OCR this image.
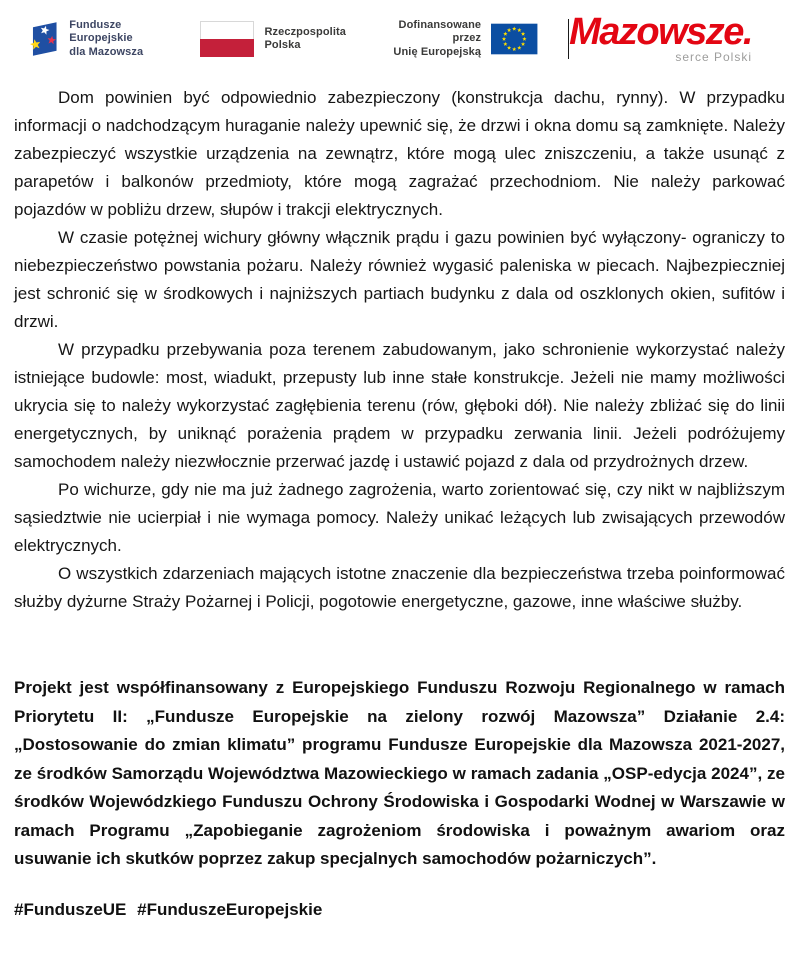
Fundusze Europejskie
dla Mazowsza
Rzeczpospolita
Polska
Dofinansowane przez
Unię Europejską Mazowsze.
serce Polski

Dom powinien być odpowiednio zabezpieczony (konstrukcja dachu, rynny). W przypadku informacji o nadchodzącym huraganie należy upewnić się, że drzwi i okna domu są zamknięte. Należy zabezpieczyć wszystkie urządzenia na zewnątrz, które mogą ulec zniszczeniu, a także usunąć z parapetów i balkonów przedmioty, które mogą zagrażać przechodniom. Nie należy parkować pojazdów w pobliżu drzew, słupów i trakcji elektrycznych.

W czasie potężnej wichury główny włącznik prądu i gazu powinien być wyłączony- ograniczy to niebezpieczeństwo powstania pożaru. Należy również wygasić paleniska w piecach. Najbezpieczniej jest schronić się w środkowych i najniższych partiach budynku z dala od oszklonych okien, sufitów i drzwi.

W przypadku przebywania poza terenem zabudowanym, jako schronienie wykorzystać należy istniejące budowle: most, wiadukt, przepusty lub inne stałe konstrukcje. Jeżeli nie mamy możliwości ukrycia się to należy wykorzystać zagłębienia terenu (rów, głęboki dół). Nie należy zbliżać się do linii energetycznych, by uniknąć porażenia prądem w przypadku zerwania linii. Jeżeli podróżujemy samochodem należy niezwłocznie przerwać jazdę i ustawić pojazd z dala od przydrożnych drzew.

Po wichurze, gdy nie ma już żadnego zagrożenia, warto zorientować się, czy nikt w najbliższym sąsiedztwie nie ucierpiał i nie wymaga pomocy. Należy unikać leżących lub zwisających przewodów elektrycznych.

O wszystkich zdarzeniach mających istotne znaczenie dla bezpieczeństwa trzeba poinformować służby dyżurne Straży Pożarnej i Policji, pogotowie energetyczne, gazowe, inne właściwe służby.

Projekt jest współfinansowany z Europejskiego Funduszu Rozwoju Regionalnego w ramach Priorytetu II: „Fundusze Europejskie na zielony rozwój Mazowsza” Działanie 2.4: „Dostosowanie do zmian klimatu” programu Fundusze Europejskie dla Mazowsza 2021-2027, ze środków Samorządu Województwa Mazowieckiego w ramach zadania „OSP-edycja 2024”, ze środków Wojewódzkiego Funduszu Ochrony Środowiska i Gospodarki Wodnej w Warszawie w ramach Programu „Zapobieganie zagrożeniom środowiska i poważnym awariom oraz usuwanie ich skutków poprzez zakup specjalnych samochodów pożarniczych”.

#FunduszeUE #FunduszeEuropejskie
